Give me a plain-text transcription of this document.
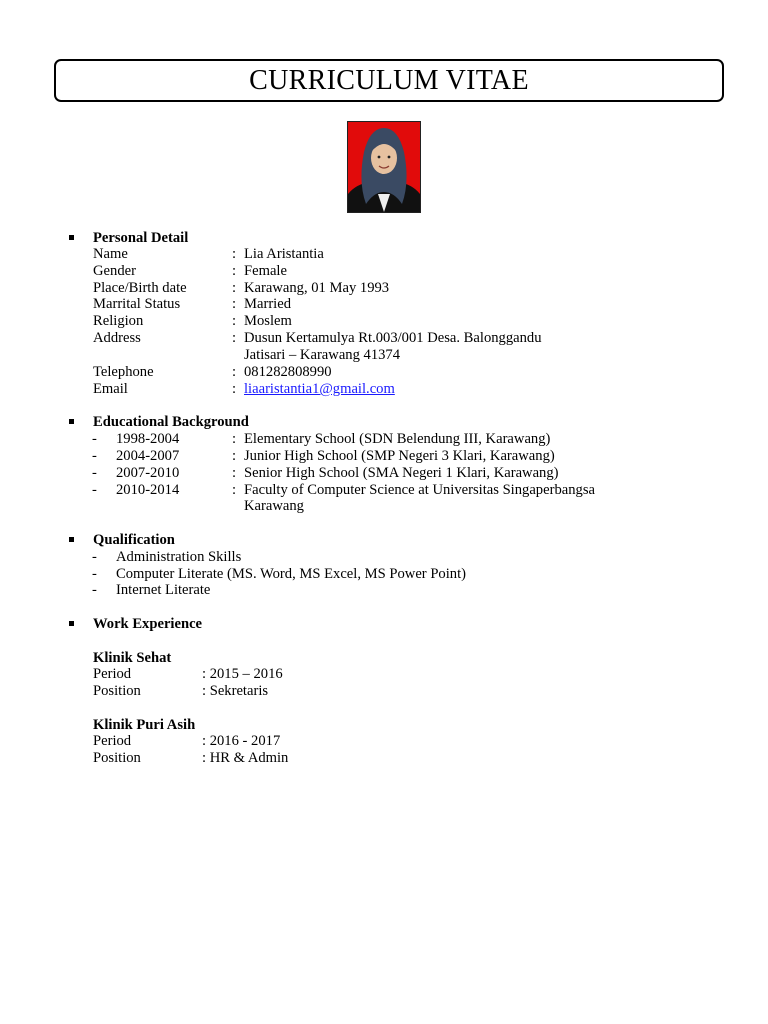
CURRICULUM VITAE
Personal Detail
Name	: Lia Aristantia
Gender	: Female
Place/Birth date	: Karawang, 01 May 1993
Marrital Status	: Married
Religion	: Moslem
Address	: Dusun Kertamulya Rt.003/001 Desa. Balonggandu
Jatisari – Karawang 41374
Telephone	: 081282808990
Email	: liaaristantia1@gmail.com
Educational Background
- 1998-2004	: Elementary School (SDN Belendung III, Karawang)
- 2004-2007	: Junior High School (SMP Negeri 3 Klari, Karawang)
- 2007-2010	: Senior High School (SMA Negeri 1 Klari, Karawang)
- 2010-2014	: Faculty of Computer Science at Universitas Singaperbangsa
Karawang
Qualification
- Administration Skills
- Computer Literate (MS. Word, MS Excel, MS Power Point)
- Internet Literate
Work Experience
Klinik Sehat
Period	: 2015 – 2016
Position	: Sekretaris
Klinik Puri Asih
Period	: 2016 - 2017
Position	: HR & Admin
